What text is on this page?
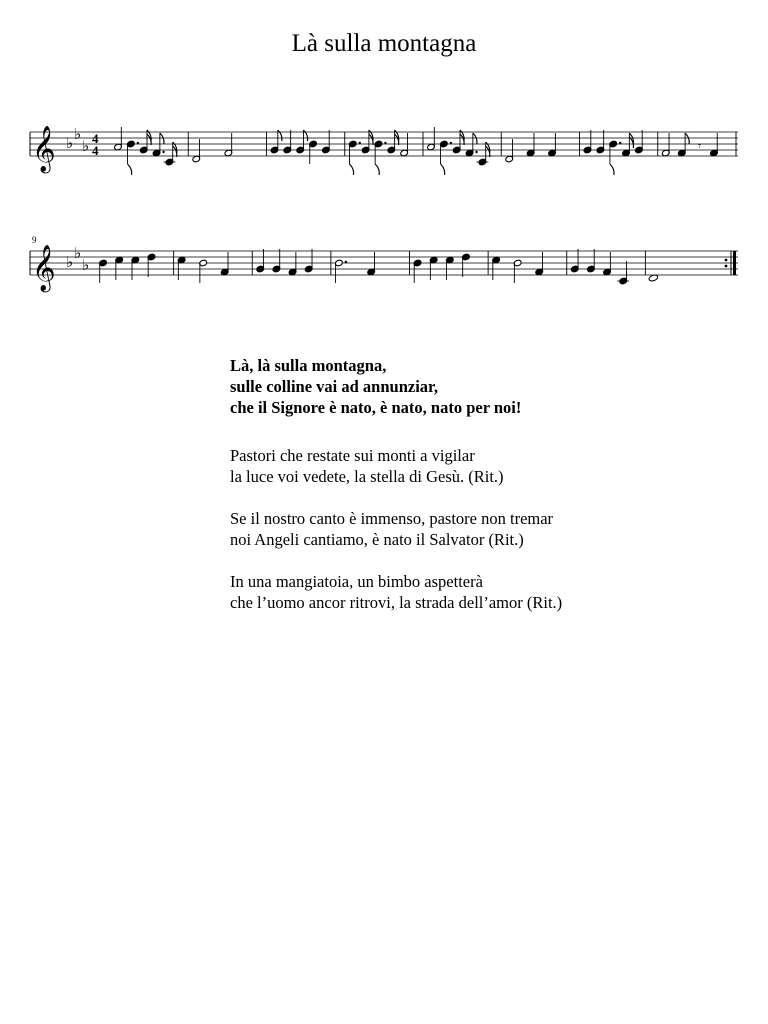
Là sulla montagna
𝄞 ♭ ♭
♭ 4
4	𝄾
𝄞 ♭ ♭
♭
9
Là, là sulla montagna,
sulle colline vai ad annunziar,
che il Signore è nato, è nato, nato per noi!
Pastori che restate sui monti a vigilar
la luce voi vedete, la stella di Gesù. (Rit.)
Se il nostro canto è immenso, pastore non tremar
noi Angeli cantiamo, è nato il Salvator (Rit.)
In una mangiatoia, un bimbo aspetterà
che l’uomo ancor ritrovi, la strada dell’amor (Rit.)
